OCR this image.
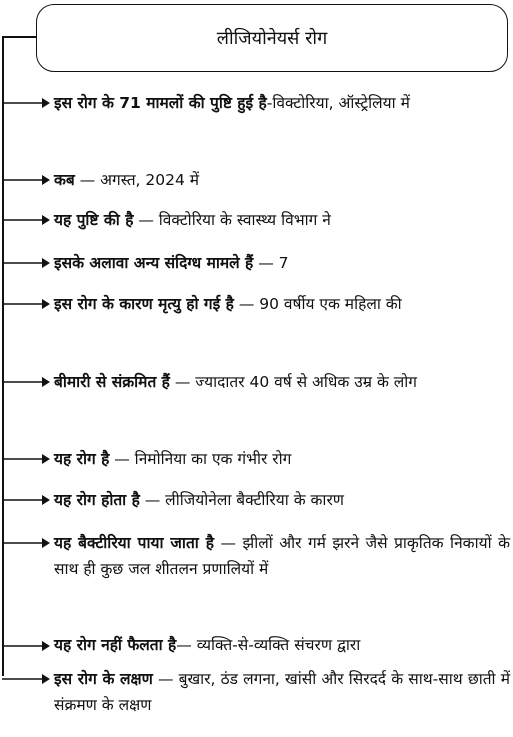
लीजियोनेयर्स रोग
इस रोग के 71 मामलों की पुष्टि हुई है-विक्टोरिया, ऑस्ट्रेलिया में
कब — अगस्त, 2024 में
यह पुष्टि की है — विक्टोरिया के स्वास्थ्य विभाग ने
इसके अलावा अन्य संदिग्ध मामले हैं — 7
इस रोग के कारण मृत्यु हो गई है — 90 वर्षीय एक महिला की
बीमारी से संक्रमित हैं — ज्यादातर 40 वर्ष से अधिक उम्र के लोग
यह रोग है — निमोनिया का एक गंभीर रोग
यह रोग होता है — लीजियोनेला बैक्टीरिया के कारण
यह बैक्टीरिया पाया जाता है — झीलों और गर्म झरने जैसे प्राकृतिक निकायों के साथ ही कुछ जल शीतलन प्रणालियों में
यह रोग नहीं फैलता है— व्यक्ति-से-व्यक्ति संचरण द्वारा
इस रोग के लक्षण — बुखार, ठंड लगना, खांसी और सिरदर्द के साथ-साथ छाती में संक्रमण के लक्षण
